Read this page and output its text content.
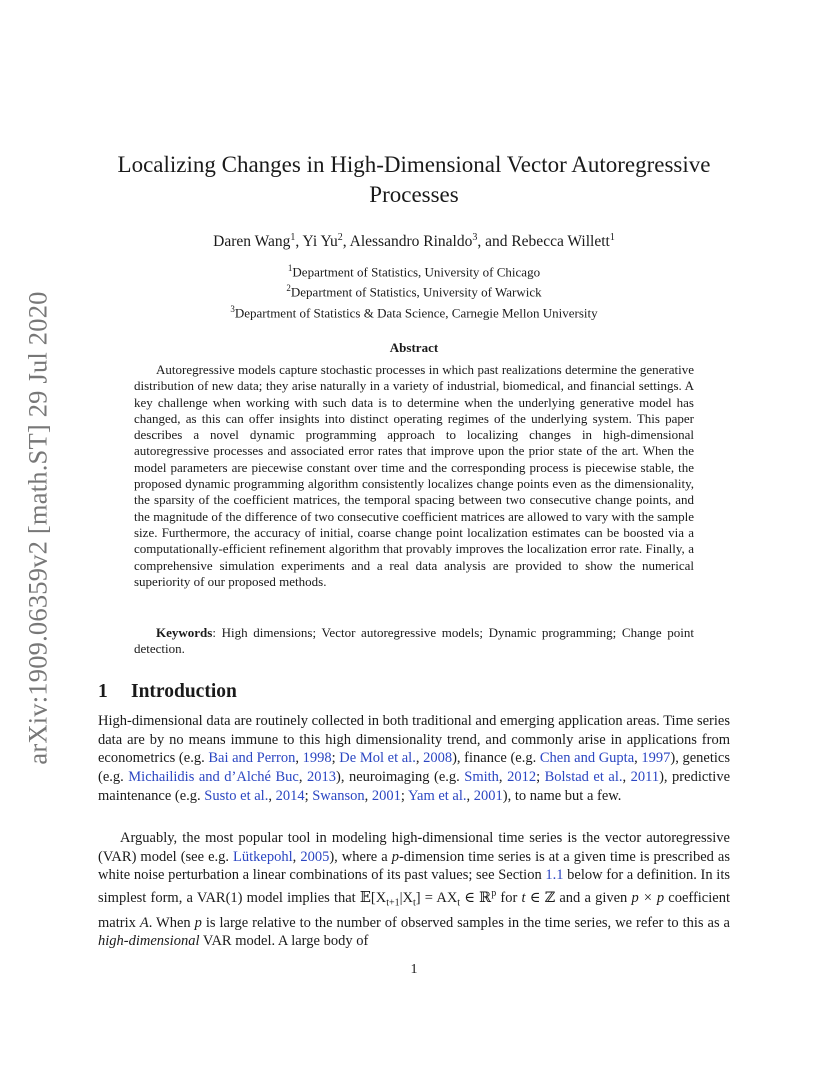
arXiv:1909.06359v2 [math.ST] 29 Jul 2020
Localizing Changes in High-Dimensional Vector Autoregressive
Processes
Daren Wang$^1$, Yi Yu$^2$, Alessandro Rinaldo$^3$, and Rebecca Willett$^1$
$^1$Department of Statistics, University of Chicago
$^2$Department of Statistics, University of Warwick
$^3$Department of Statistics & Data Science, Carnegie Mellon University
Abstract

Autoregressive models capture stochastic processes in which past realizations determine the generative distribution of new data; they arise naturally in a variety of industrial, biomedical, and financial settings. A key challenge when working with such data is to determine when the underlying generative model has changed, as this can offer insights into distinct operating regimes of the underlying system. This paper describes a novel dynamic programming approach to localizing changes in high-dimensional autoregressive processes and associated error rates that improve upon the prior state of the art. When the model parameters are piecewise constant over time and the corresponding process is piecewise stable, the proposed dynamic programming algorithm consistently localizes change points even as the dimensionality, the sparsity of the coefficient matrices, the temporal spacing between two consecutive change points, and the magnitude of the difference of two consecutive coefficient matrices are allowed to vary with the sample size. Furthermore, the accuracy of initial, coarse change point localization estimates can be boosted via a computationally-efficient refinement algorithm that provably improves the localization error rate. Finally, a comprehensive simulation experiments and a real data analysis are provided to show the numerical superiority of our proposed methods.

Keywords: High dimensions; Vector autoregressive models; Dynamic programming; Change point detection.

1 Introduction

High-dimensional data are routinely collected in both traditional and emerging application areas. Time series data are by no means immune to this high dimensionality trend, and commonly arise in applications from econometrics (e.g. Bai and Perron, 1998; De Mol et al., 2008), finance (e.g. Chen and Gupta, 1997), genetics (e.g. Michailidis and d’Alché Buc, 2013), neuroimaging (e.g. Smith, 2012; Bolstad et al., 2011), predictive maintenance (e.g. Susto et al., 2014; Swanson, 2001; Yam et al., 2001), to name but a few.

Arguably, the most popular tool in modeling high-dimensional time series is the vector autoregressive (VAR) model (see e.g. Lütkepohl, 2005), where a p-dimension time series is at a given time is prescribed as white noise perturbation a linear combinations of its past values; see Section 1.1 below for a definition. In its simplest form, a VAR(1) model implies that $𝔼[X_{t+1}|X_t] = AX_t$ ∈ ℝ$^p$ for t ∈ ℤ and a given p × p coefficient matrix A. When p is large relative to the number of observed samples in the time series, we refer to this as a high-dimensional VAR model. A large body of

1
